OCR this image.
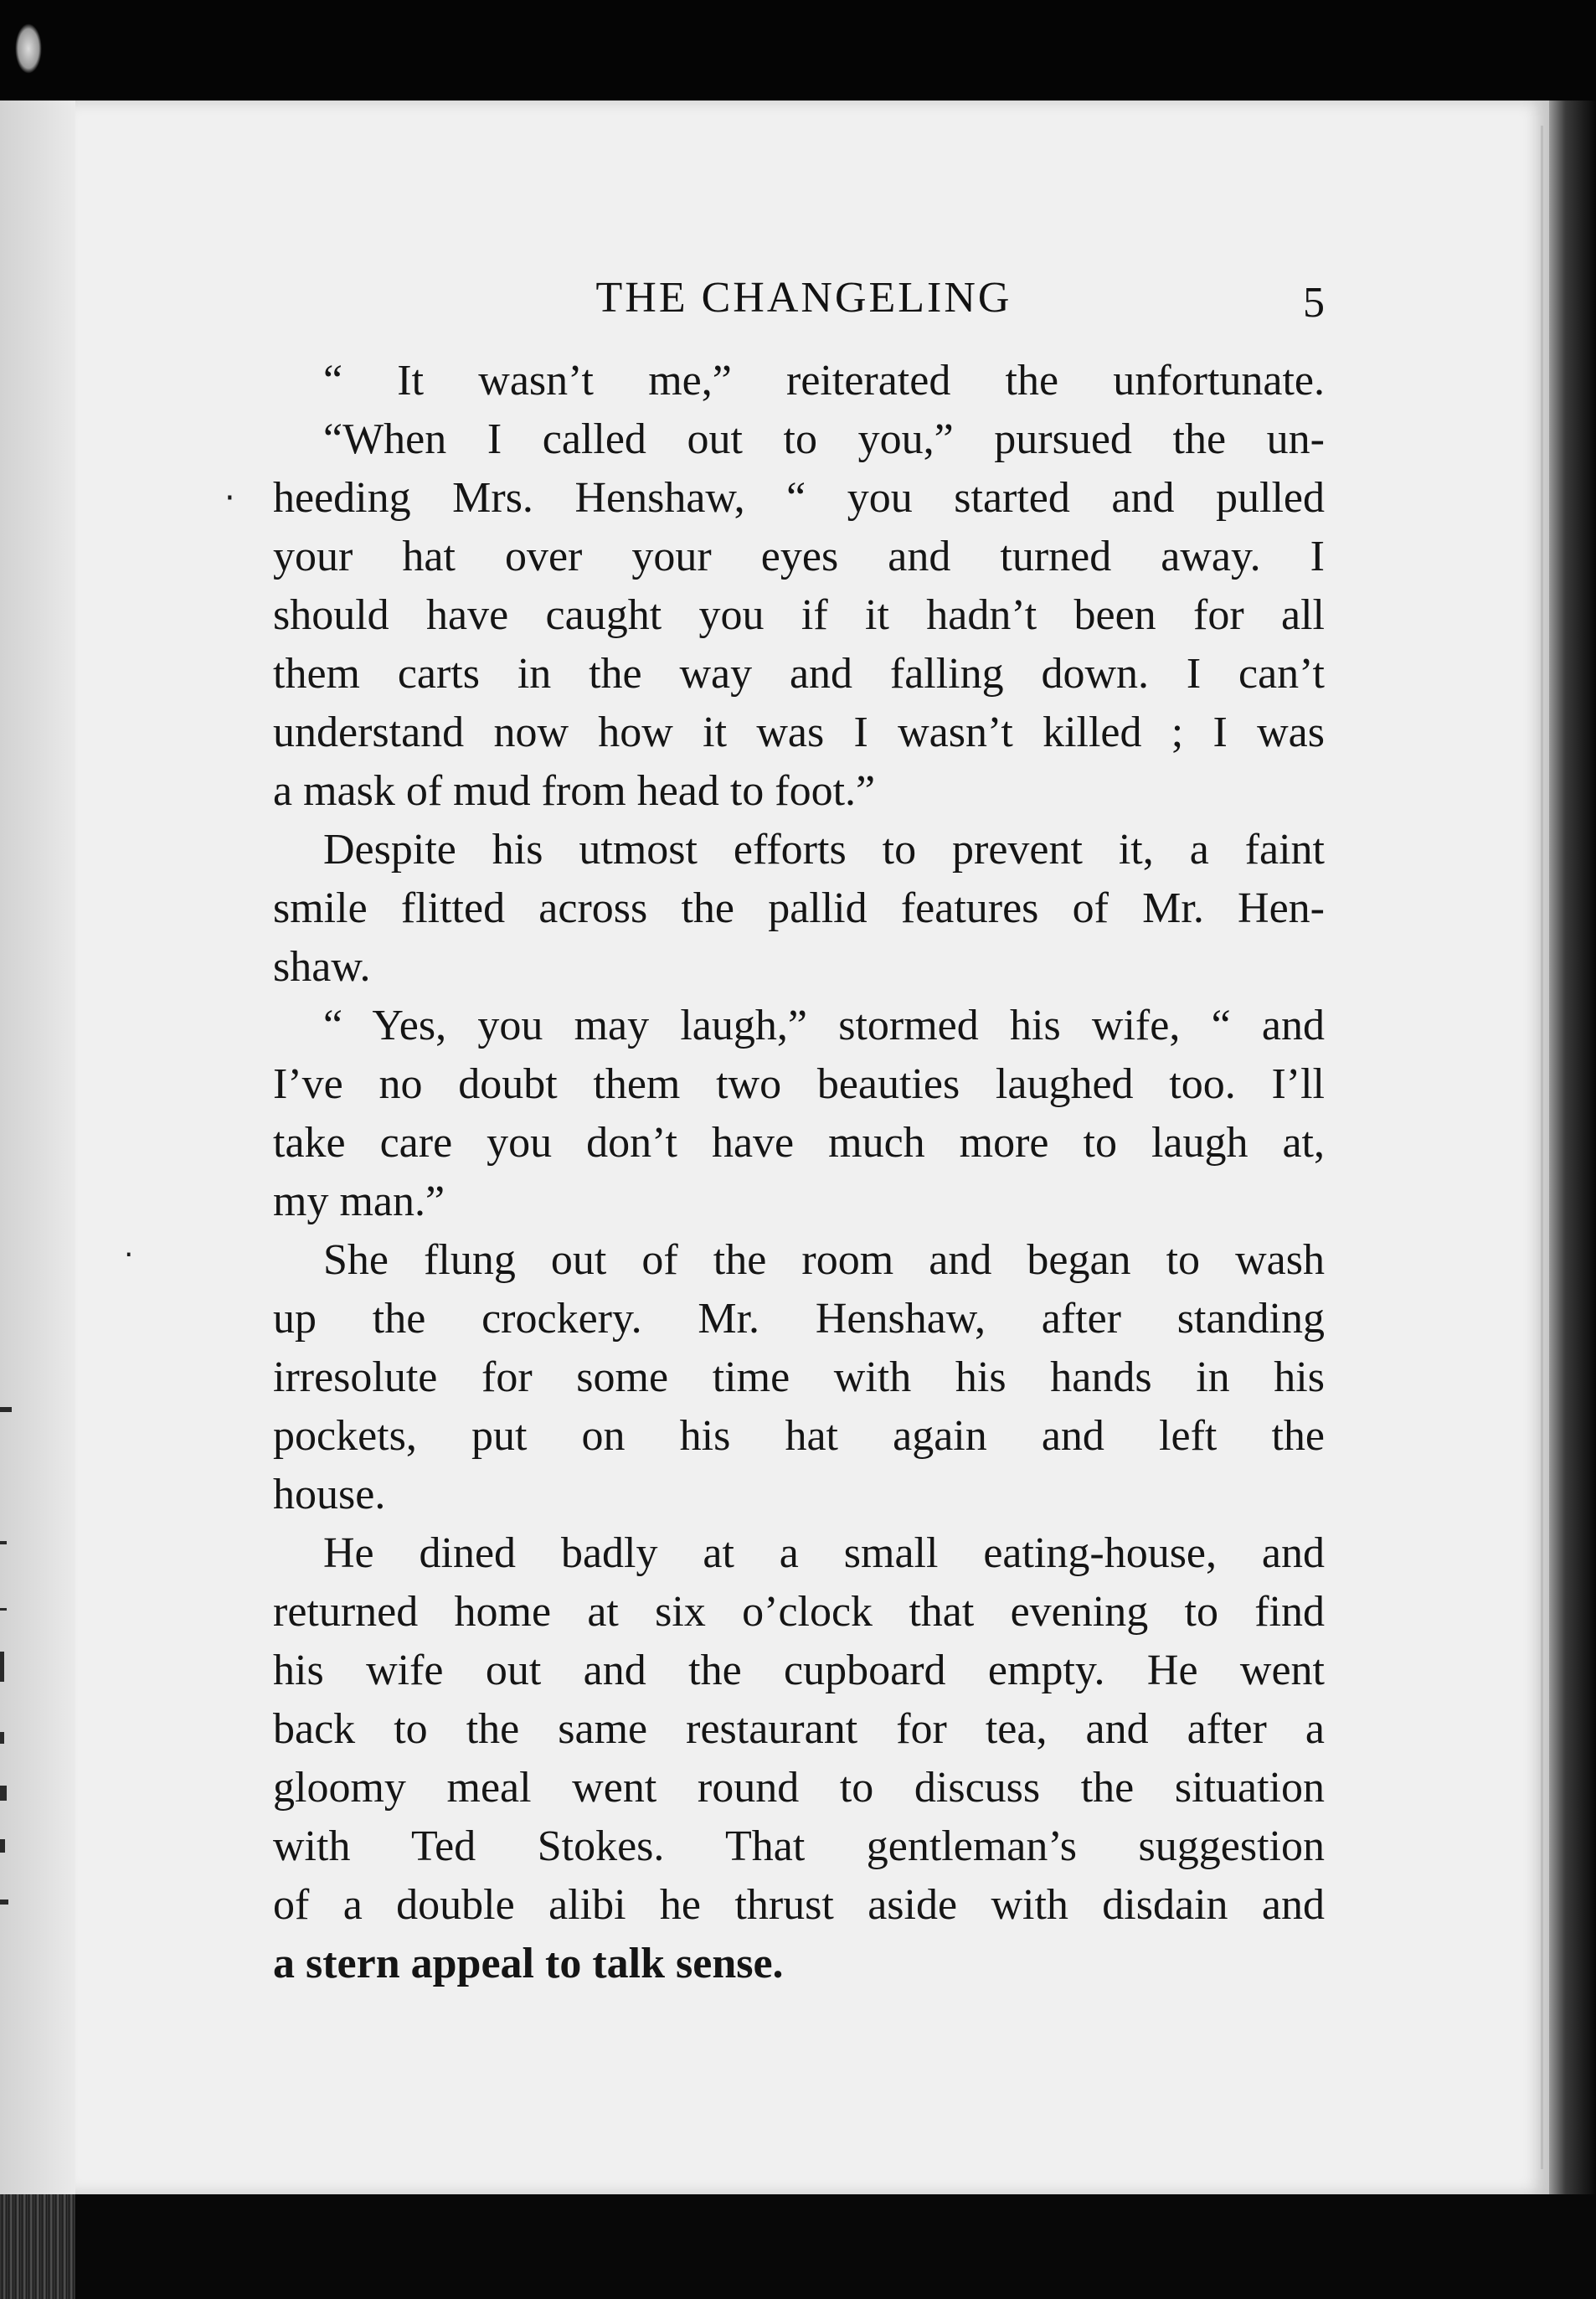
THE CHANGELING	5
·
·
“ It wasn’t me,” reiterated the unfortunate.
“When I called out to you,” pursued the un-
heeding Mrs. Henshaw, “ you started and pulled
your hat over your eyes and turned away. I
should have caught you if it hadn’t been for all
them carts in the way and falling down. I can’t
understand now how it was I wasn’t killed ; I was
a mask of mud from head to foot.”
Despite his utmost efforts to prevent it, a faint
smile flitted across the pallid features of Mr. Hen-
shaw.
“ Yes, you may laugh,” stormed his wife, “ and
I’ve no doubt them two beauties laughed too. I’ll
take care you don’t have much more to laugh at,
my man.”
She flung out of the room and began to wash
up the crockery. Mr. Henshaw, after standing
irresolute for some time with his hands in his
pockets, put on his hat again and left the
house.
He dined badly at a small eating-house, and
returned home at six o’clock that evening to find
his wife out and the cupboard empty. He went
back to the same restaurant for tea, and after a
gloomy meal went round to discuss the situation
with Ted Stokes. That gentleman’s suggestion
of a double alibi he thrust aside with disdain and
a stern appeal to talk sense.
